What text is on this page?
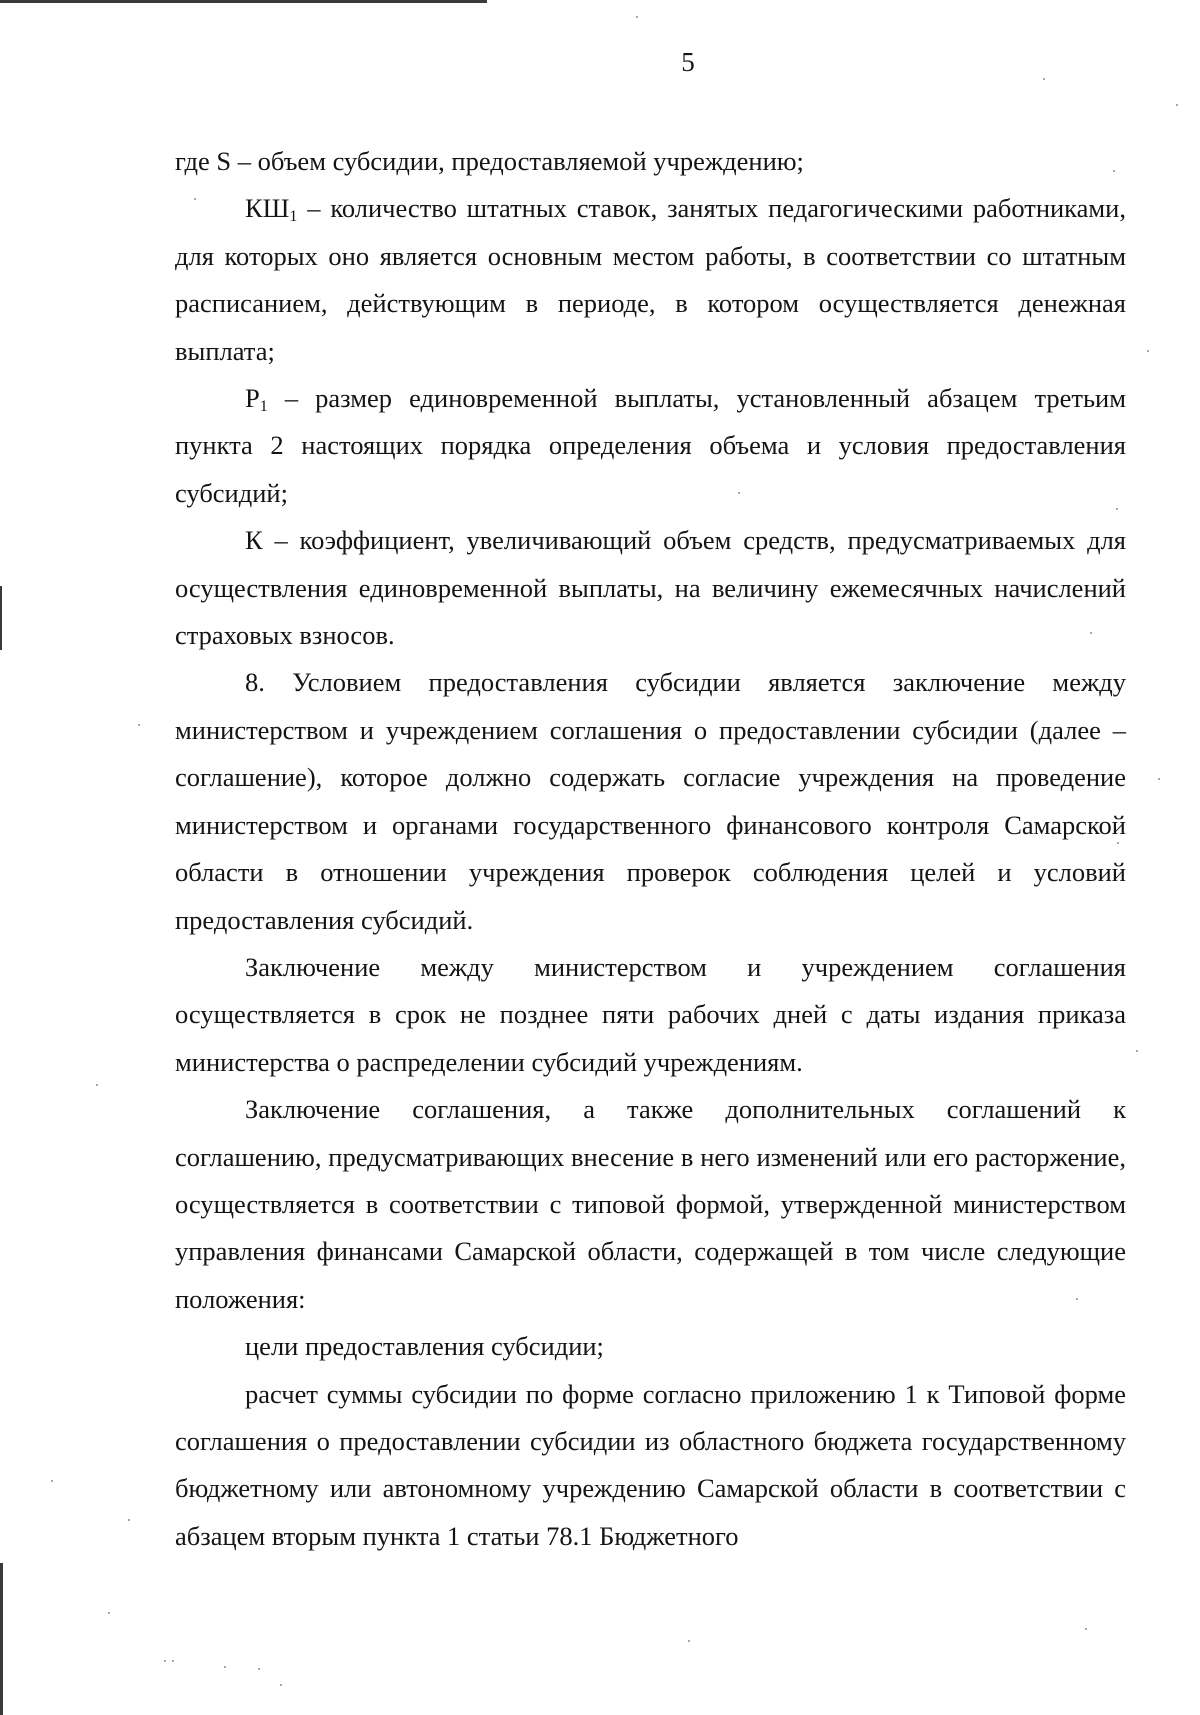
5

где S – объем субсидии, предоставляемой учреждению;

$КШ_1$ – количество штатных ставок, занятых педагогическими работниками, для которых оно является основным местом работы, в соответствии со штатным расписанием, действующим в периоде, в котором осуществляется денежная выплата;

$Р_1$ – размер единовременной выплаты, установленный абзацем третьим пункта 2 настоящих порядка определения объема и условия предоставления субсидий;

К – коэффициент, увеличивающий объем средств, предусматриваемых для осуществления единовременной выплаты, на величину ежемесячных начислений страховых взносов.

8. Условием предоставления субсидии является заключение между министерством и учреждением соглашения о предоставлении субсидии (далее – соглашение), которое должно содержать согласие учреждения на проведение министерством и органами государственного финансового контроля Самарской области в отношении учреждения проверок соблюдения целей и условий предоставления субсидий.

Заключение между министерством и учреждением соглашения осуществляется в срок не позднее пяти рабочих дней с даты издания приказа министерства о распределении субсидий учреждениям.

Заключение соглашения, а также дополнительных соглашений к соглашению, предусматривающих внесение в него изменений или его расторжение, осуществляется в соответствии с типовой формой, утвержденной министерством управления финансами Самарской области, содержащей в том числе следующие положения:

цели предоставления субсидии;

расчет суммы субсидии по форме согласно приложению 1 к Типовой форме соглашения о предоставлении субсидии из областного бюджета государственному бюджетному или автономному учреждению Самарской области в соответствии с абзацем вторым пункта 1 статьи 78.1 Бюджетного
